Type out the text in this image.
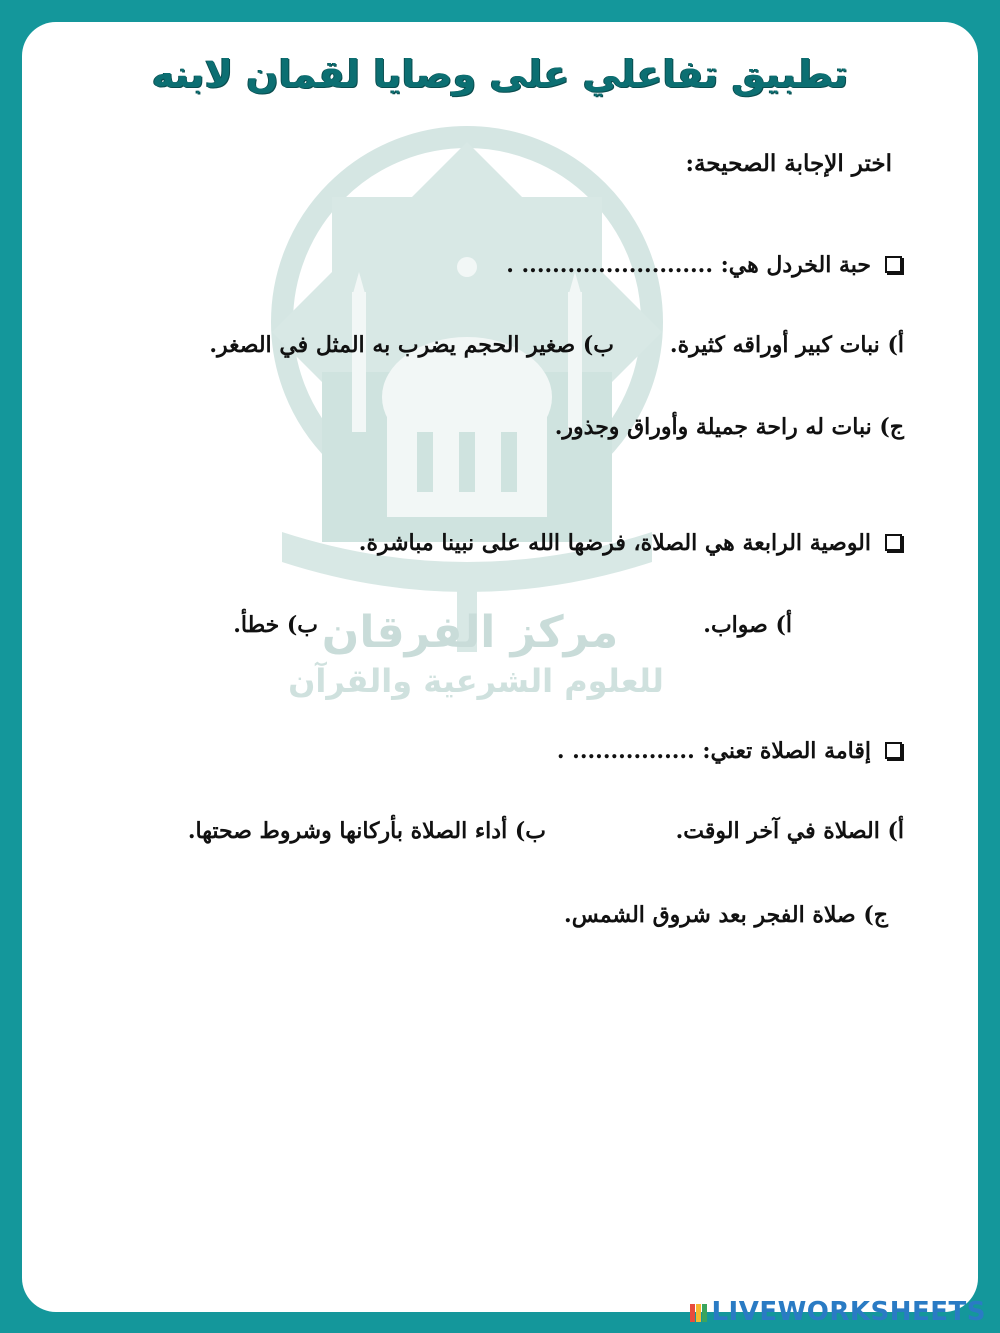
مركز الفرقان
للعلوم الشرعية والقرآن
تطبيق تفاعلي على وصايا لقمان لابنه
اختر الإجابة الصحيحة:
حبة الخردل هي: ......................... .
أ) نبات كبير أوراقه كثيرة.
ب) صغير الحجم يضرب به المثل في الصغر.
ج) نبات له راحة جميلة وأوراق وجذور.
الوصية الرابعة هي الصلاة، فرضها الله على نبينا مباشرة.
أ) صواب.
ب) خطأ.
إقامة الصلاة تعني: ................ .
أ) الصلاة في آخر الوقت.
ب) أداء الصلاة بأركانها وشروط صحتها.
ج) صلاة الفجر بعد شروق الشمس.
LIVEWORKSHEETS
